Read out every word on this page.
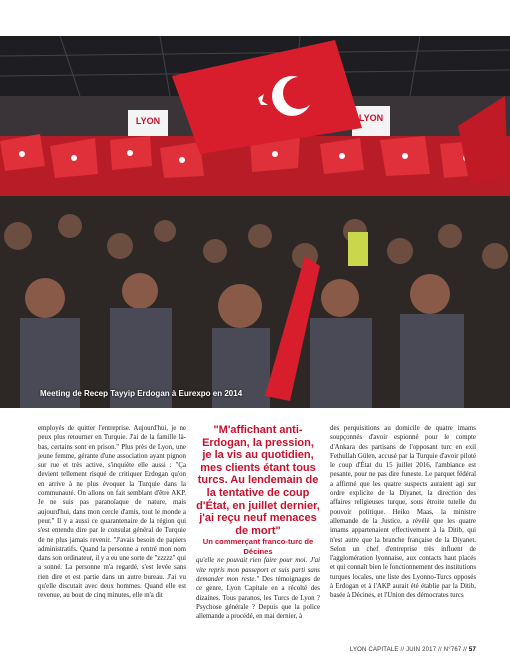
LYON	LYON
Meeting de Recep Tayyip Erdogan à Eurexpo en 2014

employés de quitter l'entreprise. Aujourd'hui, je ne peux plus retourner en Turquie. J'ai de la famille là-bas, certains sont en prison." Plus près de Lyon, une jeune femme, gérante d'une association ayant pignon sur rue et très active, s'inquiète elle aussi : "Ça devient tellement risqué de critiquer Erdogan qu'on en arrive à ne plus évoquer la Turquie dans la communauté. On allons on fait semblant d'être AKP. Je ne suis pas paranoïaque de nature, mais aujourd'hui, dans mon cercle d'amis, tout le monde a peur." Il y a aussi ce quarantenaire de la région qui s'est entendu dire par le consulat général de Turquie de ne plus jamais revenir. "J'avais besoin de papiers administratifs. Quand la personne a rentré mon nom dans son ordinateur, il y a eu une sorte de "zzzzz" qui a sonné. La personne m'a regardé, s'est levée sans rien dire et est partie dans un autre bureau. J'ai vu qu'elle discutait avec deux hommes. Quand elle est revenue, au bout de cinq minutes, elle m'a dit

"M'affichant anti-Erdogan, la pression, je la vis au quotidien, mes clients étant tous turcs. Au lendemain de la tentative de coup d'État, en juillet dernier, j'ai reçu neuf menaces de mort"

Un commerçant franco-turc de Décines

qu'elle ne pouvait rien faire pour moi. J'ai vite repris mon passeport et suis parti sans demander mon reste." Des témoignages de ce genre, Lyon Capitale en a récolté des dizaines. Tous paranos, les Turcs de Lyon ? Psychose générale ? Depuis que la police allemande a procédé, en mai dernier, à

des perquisitions au domicile de quatre imams soupçonnés d'avoir espionné pour le compte d'Ankara des partisans de l'opposant turc en exil Fethullah Gülen, accusé par la Turquie d'avoir piloté le coup d'État du 15 juillet 2016, l'ambiance est pesante, pour ne pas dire funeste. Le parquet fédéral a affirmé que les quatre suspects auraient agi sur ordre explicite de la Diyanet, la direction des affaires religieuses turque, sous étroite tutelle du pouvoir politique. Heiko Maas, la ministre allemande de la Justice, a révélé que les quatre imams appartenaient effectivement à la Ditib, qui n'est autre que la branche française de la Diyanet. Selon un chef d'entreprise très influent de l'agglomération lyonnaise, aux contacts haut placés et qui connaît bien le fonctionnement des institutions turques locales, une liste des Lyonno-Turcs opposés à Erdogan et à l'AKP aurait été établie par la Ditib, basée à Décines, et l'Union des démocrates turcs

LYON CAPITALE // JUIN 2017 // N°767 // 57
